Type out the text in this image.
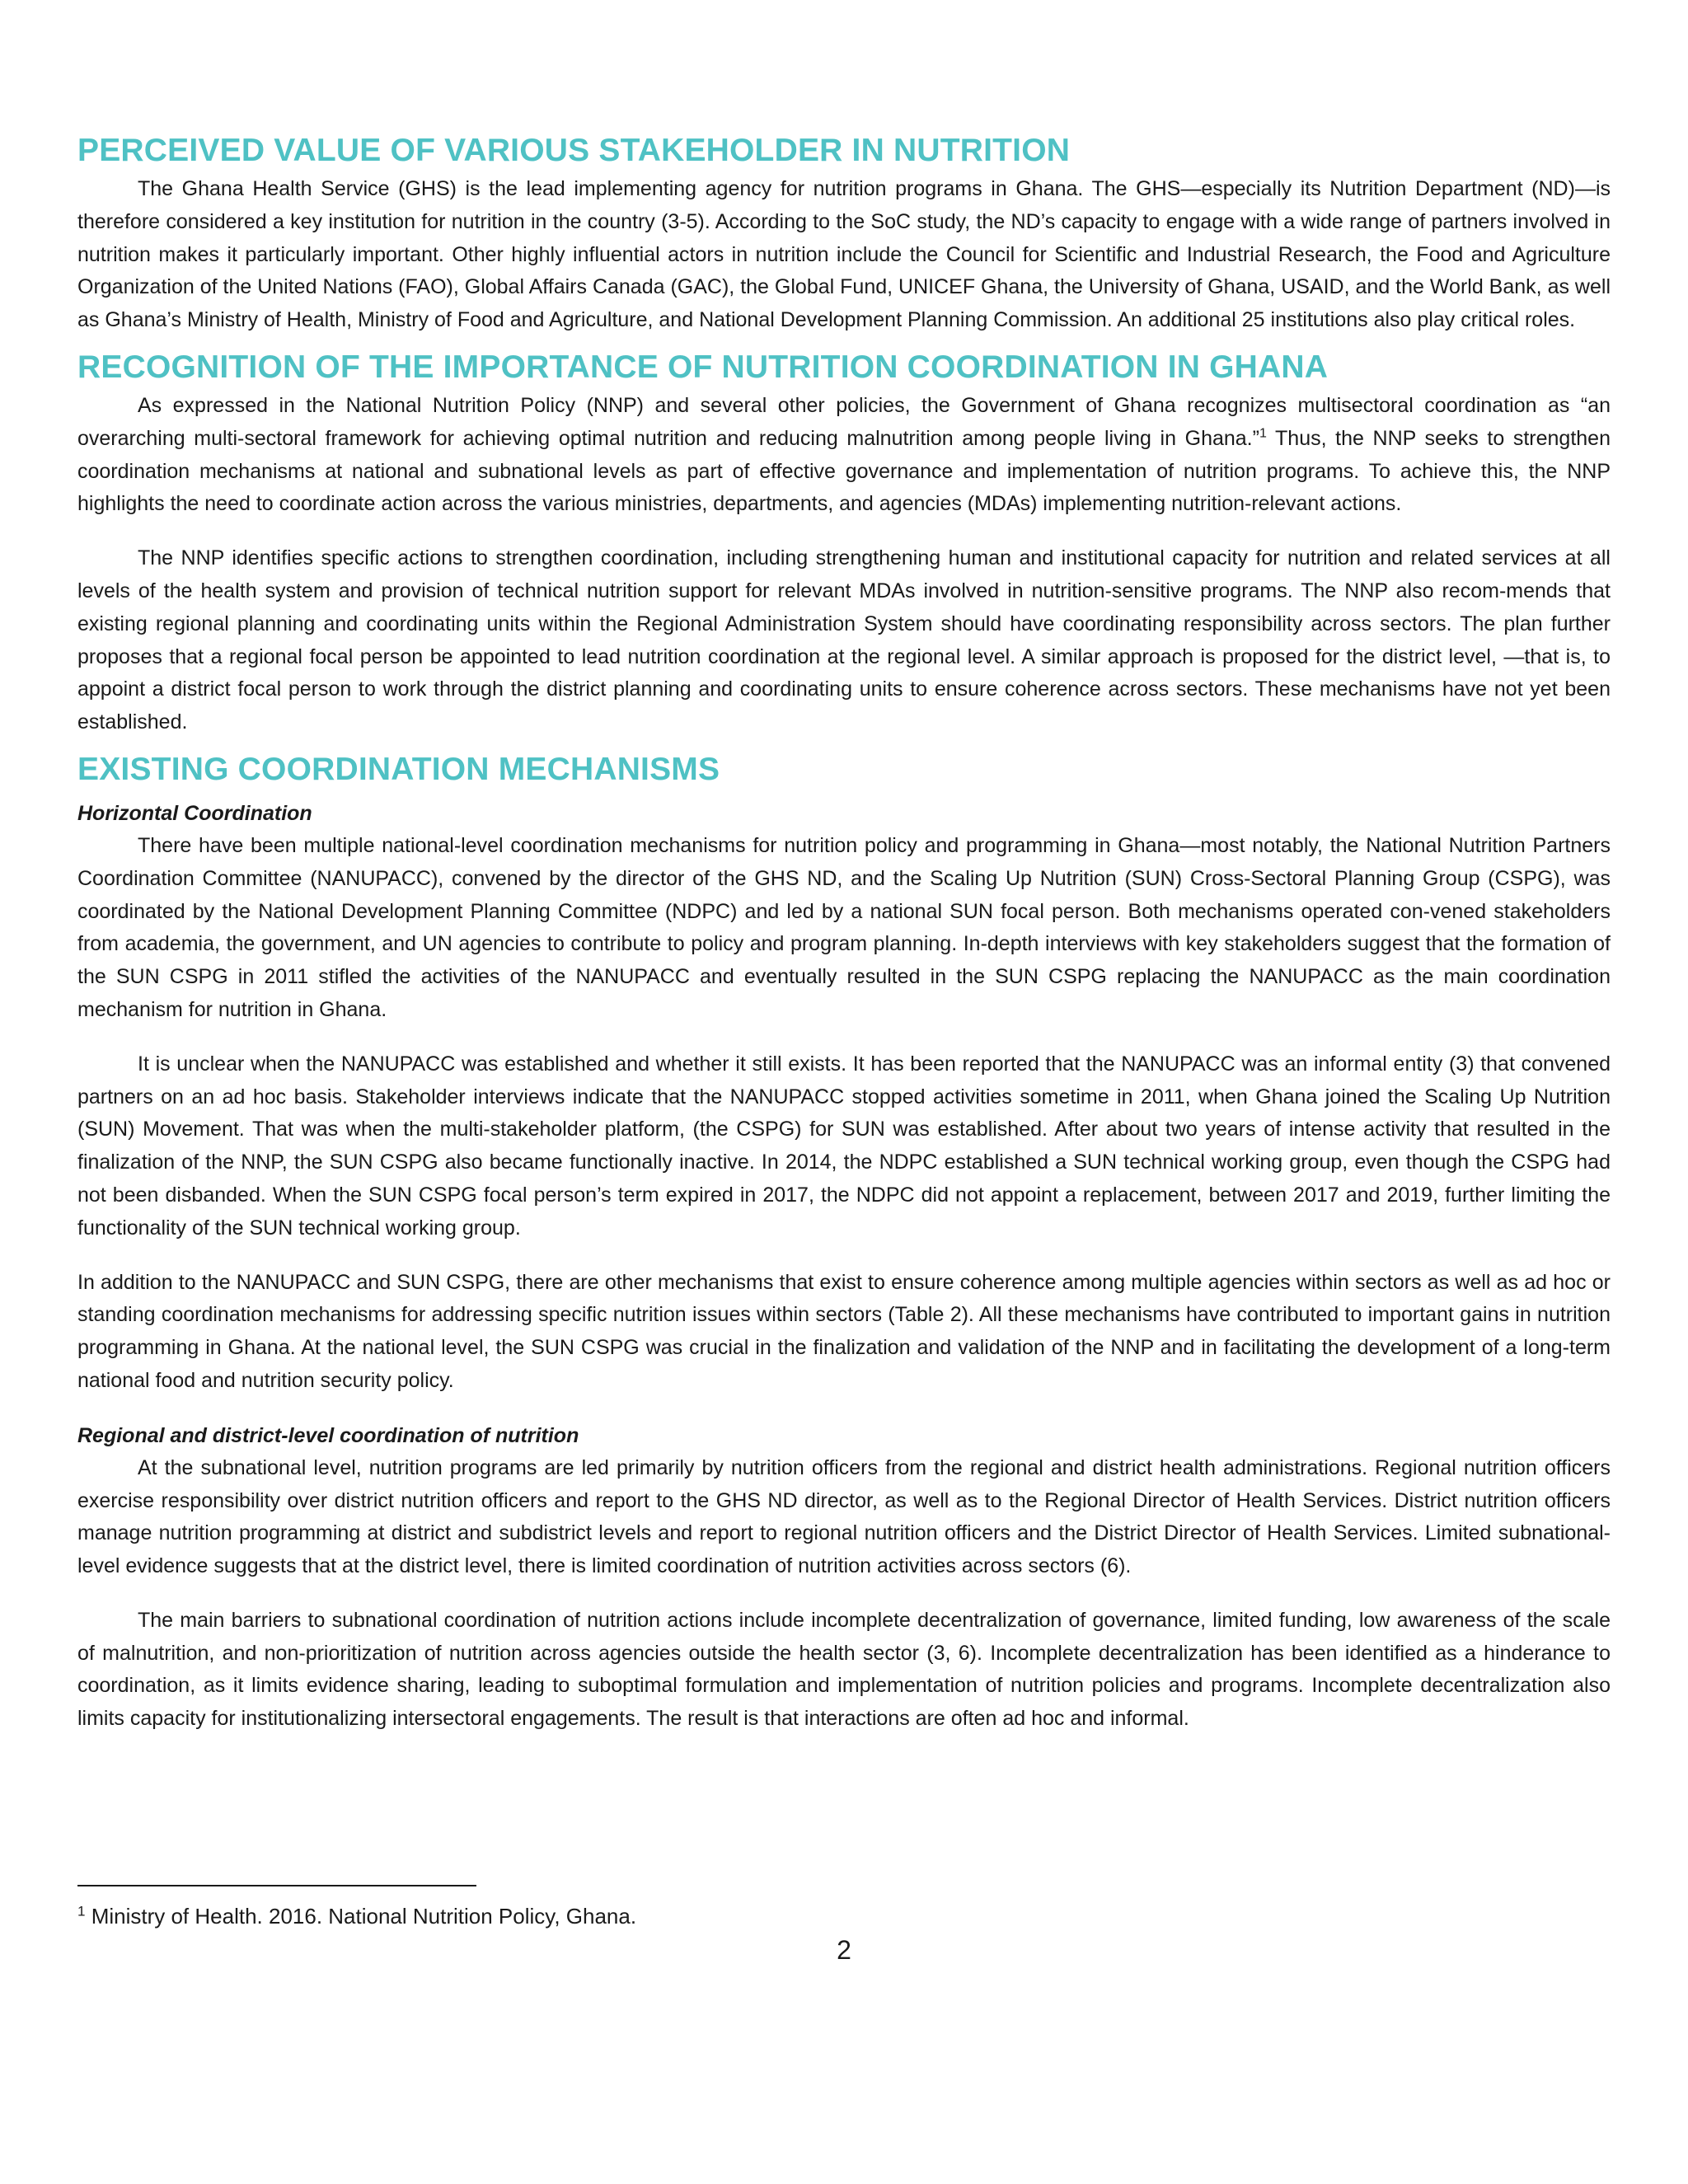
PERCEIVED VALUE OF VARIOUS STAKEHOLDER IN NUTRITION

The Ghana Health Service (GHS) is the lead implementing agency for nutrition programs in Ghana. The GHS—especially its Nutrition Department (ND)—is therefore considered a key institution for nutrition in the country (3-5). According to the SoC study, the ND’s capacity to engage with a wide range of partners involved in nutrition makes it particularly important. Other highly influential actors in nutrition include the Council for Scientific and Industrial Research, the Food and Agriculture Organization of the United Nations (FAO), Global Affairs Canada (GAC), the Global Fund, UNICEF Ghana, the University of Ghana, USAID, and the World Bank, as well as Ghana’s Ministry of Health, Ministry of Food and Agriculture, and National Development Planning Commission. An additional 25 institutions also play critical roles.

RECOGNITION OF THE IMPORTANCE OF NUTRITION COORDINATION IN GHANA

As expressed in the National Nutrition Policy (NNP) and several other policies, the Government of Ghana recognizes multisectoral coordination as “an overarching multi-sectoral framework for achieving optimal nutrition and reducing malnutrition among people living in Ghana.”$^1$ Thus, the NNP seeks to strengthen coordination mechanisms at national and subnational levels as part of effective governance and implementation of nutrition programs. To achieve this, the NNP highlights the need to coordinate action across the various ministries, departments, and agencies (MDAs) implementing nutrition-relevant actions.

The NNP identifies specific actions to strengthen coordination, including strengthening human and institutional capacity for nutrition and related services at all levels of the health system and provision of technical nutrition support for relevant MDAs involved in nutrition-sensitive programs. The NNP also recom-mends that existing regional planning and coordinating units within the Regional Administration System should have coordinating responsibility across sectors. The plan further proposes that a regional focal person be appointed to lead nutrition coordination at the regional level. A similar approach is proposed for the district level, —that is, to appoint a district focal person to work through the district planning and coordinating units to ensure coherence across sectors. These mechanisms have not yet been established.

EXISTING COORDINATION MECHANISMS
Horizontal Coordination

There have been multiple national-level coordination mechanisms for nutrition policy and programming in Ghana—most notably, the National Nutrition Partners Coordination Committee (NANUPACC), convened by the director of the GHS ND, and the Scaling Up Nutrition (SUN) Cross-Sectoral Planning Group (CSPG), was coordinated by the National Development Planning Committee (NDPC) and led by a national SUN focal person. Both mechanisms operated con-vened stakeholders from academia, the government, and UN agencies to contribute to policy and program planning. In-depth interviews with key stakeholders suggest that the formation of the SUN CSPG in 2011 stifled the activities of the NANUPACC and eventually resulted in the SUN CSPG replacing the NANUPACC as the main coordination mechanism for nutrition in Ghana.

It is unclear when the NANUPACC was established and whether it still exists. It has been reported that the NANUPACC was an informal entity (3) that convened partners on an ad hoc basis. Stakeholder interviews indicate that the NANUPACC stopped activities sometime in 2011, when Ghana joined the Scaling Up Nutrition (SUN) Movement. That was when the multi-stakeholder platform, (the CSPG) for SUN was established. After about two years of intense activity that resulted in the finalization of the NNP, the SUN CSPG also became functionally inactive. In 2014, the NDPC established a SUN technical working group, even though the CSPG had not been disbanded. When the SUN CSPG focal person’s term expired in 2017, the NDPC did not appoint a replacement, between 2017 and 2019, further limiting the functionality of the SUN technical working group.

In addition to the NANUPACC and SUN CSPG, there are other mechanisms that exist to ensure coherence among multiple agencies within sectors as well as ad hoc or standing coordination mechanisms for addressing specific nutrition issues within sectors (Table 2). All these mechanisms have contributed to important gains in nutrition programming in Ghana. At the national level, the SUN CSPG was crucial in the finalization and validation of the NNP and in facilitating the development of a long-term national food and nutrition security policy.

Regional and district-level coordination of nutrition

At the subnational level, nutrition programs are led primarily by nutrition officers from the regional and district health administrations. Regional nutrition officers exercise responsibility over district nutrition officers and report to the GHS ND director, as well as to the Regional Director of Health Services. District nutrition officers manage nutrition programming at district and subdistrict levels and report to regional nutrition officers and the District Director of Health Services. Limited subnational-level evidence suggests that at the district level, there is limited coordination of nutrition activities across sectors (6).

The main barriers to subnational coordination of nutrition actions include incomplete decentralization of governance, limited funding, low awareness of the scale of malnutrition, and non-prioritization of nutrition across agencies outside the health sector (3, 6). Incomplete decentralization has been identified as a hinderance to coordination, as it limits evidence sharing, leading to suboptimal formulation and implementation of nutrition policies and programs. Incomplete decentralization also limits capacity for institutionalizing intersectoral engagements. The result is that interactions are often ad hoc and informal.

$^1$ Ministry of Health. 2016. National Nutrition Policy, Ghana.
2
